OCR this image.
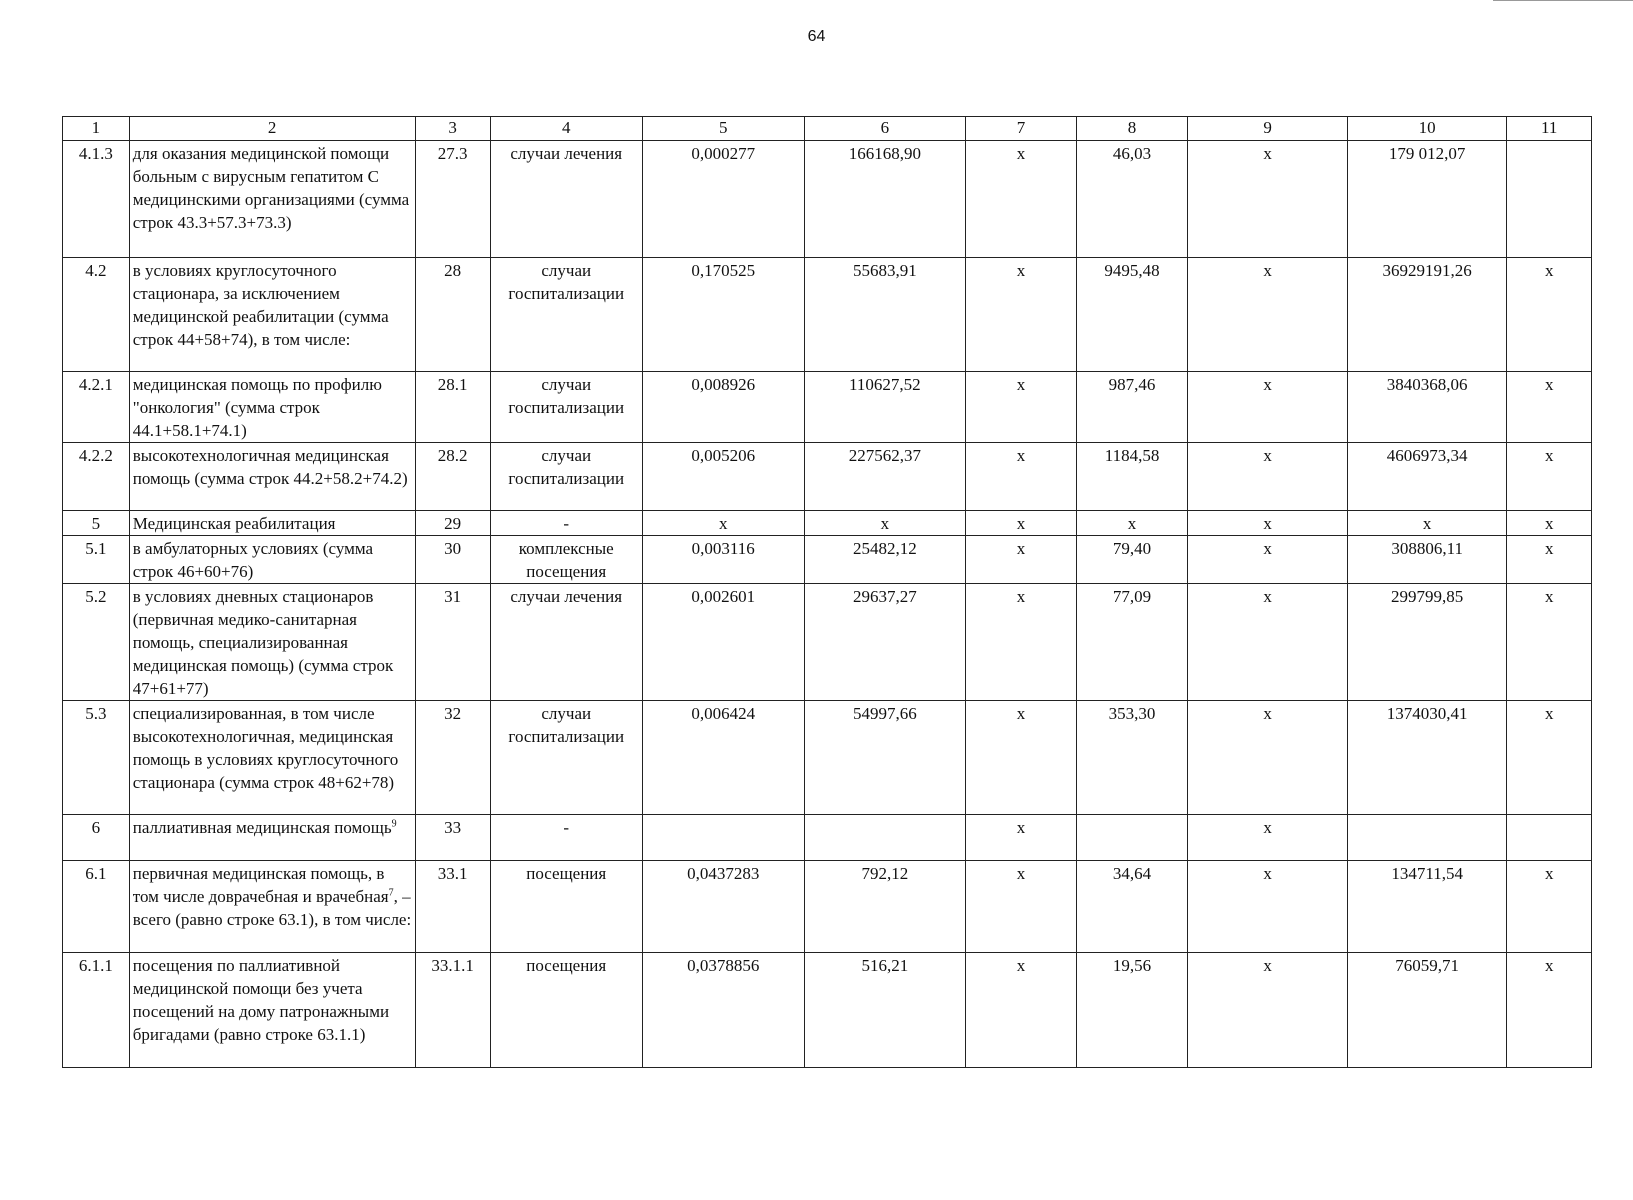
64
1	2	3	4	5	6	7	8	9	10	11
4.1.3	для оказания медицинской помощи больным с вирусным гепатитом С медицинскими организациями (сумма строк 43.3+57.3+73.3)	27.3	случаи лечения	0,000277	166168,90	х	46,03	х	179 012,07	
4.2	в условиях круглосуточного стационара, за исключением медицинской реабилитации (сумма строк 44+58+74), в том числе:	28	случаи госпитализации	0,170525	55683,91	х	9495,48	х	36929191,26	х
4.2.1	медицинская помощь по профилю "онкология" (сумма строк 44.1+58.1+74.1)	28.1	случаи госпитализации	0,008926	110627,52	х	987,46	х	3840368,06	х
4.2.2	высокотехнологичная медицинская помощь (сумма строк 44.2+58.2+74.2)	28.2	случаи госпитализации	0,005206	227562,37	х	1184,58	х	4606973,34	х
5	Медицинская реабилитация	29	-	х	х	х	х	х	х	х
5.1	в амбулаторных условиях (сумма строк 46+60+76)	30	комплексные посещения	0,003116	25482,12	х	79,40	х	308806,11	х
5.2	в условиях дневных стационаров (первичная медико-санитарная помощь, специализированная медицинская помощь) (сумма строк 47+61+77)	31	случаи лечения	0,002601	29637,27	х	77,09	х	299799,85	х
5.3	специализированная, в том числе высокотехнологичная, медицинская помощь в условиях круглосуточного стационара (сумма строк 48+62+78)	32	случаи госпитализации	0,006424	54997,66	х	353,30	х	1374030,41	х
6	паллиативная медицинская помощь$^9$	33	-			х		х		
6.1	первичная медицинская помощь, в том числе доврачебная и врачебная$^7$, – всего (равно строке 63.1), в том числе:	33.1	посещения	0,0437283	792,12	х	34,64	х	134711,54	х
6.1.1	посещения по паллиативной медицинской помощи без учета посещений на дому патронажными бригадами (равно строке 63.1.1)	33.1.1	посещения	0,0378856	516,21	х	19,56	х	76059,71	х
